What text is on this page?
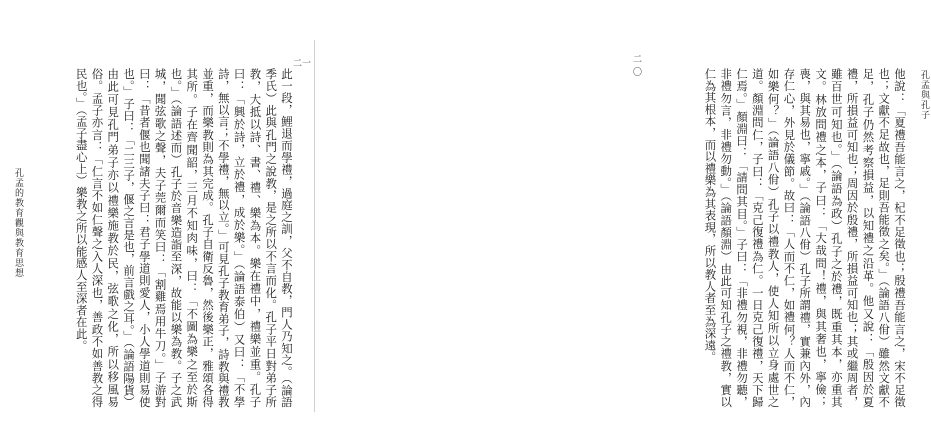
孔孟的教育觀與教育思想
二一

此一段，鯉退而學禮，過庭之訓，父不自教，門人乃知之。（論語季氏）此與孔門之說教，是之所以不言而化。孔子平日對弟子所教，大抵以詩、書、禮、樂為本。樂在禮中，禮樂並重。孔子曰：「興於詩，立於禮，成於樂。」（論語泰伯）又曰：「不學詩，無以言；不學禮，無以立。」可見孔子教育弟子，詩教與禮教並重，而樂教則為其完成。孔子自衛反魯，然後樂正，雅頌各得其所。子在齊聞韶，三月不知肉味，曰：「不圖為樂之至於斯也。」（論語述而）孔子於音樂造詣至深，故能以樂為教。子之武城，聞弦歌之聲，夫子莞爾而笑曰：「割雞焉用牛刀。」子游對曰：「昔者偃也聞諸夫子曰：君子學道則愛人，小人學道則易使也。」子曰：「二三子，偃之言是也，前言戲之耳。」（論語陽貨）由此可見孔門弟子亦以禮樂施教於民，弦歌之化，所以移風易俗。孟子亦言：「仁言不如仁聲之入人深也，善政不如善教之得民也。」（孟子盡心上）樂教之所以能感人至深者在此。	孔孟與孔子
二〇	他說：「夏禮吾能言之，杞不足徵也；殷禮吾能言之，宋不足徵也；文獻不足故也，足則吾能徵之矣。」（論語八佾）雖然文獻不足，孔子仍然考察損益，以知禮之沿革。他又說：「殷因於夏禮，所損益可知也；周因於殷禮，所損益可知也；其或繼周者，雖百世可知也。」（論語為政）孔子之於禮，既重其本，亦重其文。林放問禮之本，子曰：「大哉問！禮，與其奢也，寧儉；喪，與其易也，寧戚。」（論語八佾）孔子所謂禮，實兼內外，內存仁心，外見於儀節。故曰：「人而不仁，如禮何？人而不仁，如樂何？」（論語八佾）孔子以禮教人，使人知所以立身處世之道。顏淵問仁，子曰：「克己復禮為仁。一日克己復禮，天下歸仁焉。」顏淵曰：「請問其目。」子曰：「非禮勿視，非禮勿聽，非禮勿言，非禮勿動。」（論語顏淵）由此可知孔子之禮教，實以仁為其根本，而以禮樂為其表現，所以教人者至為深遠。
